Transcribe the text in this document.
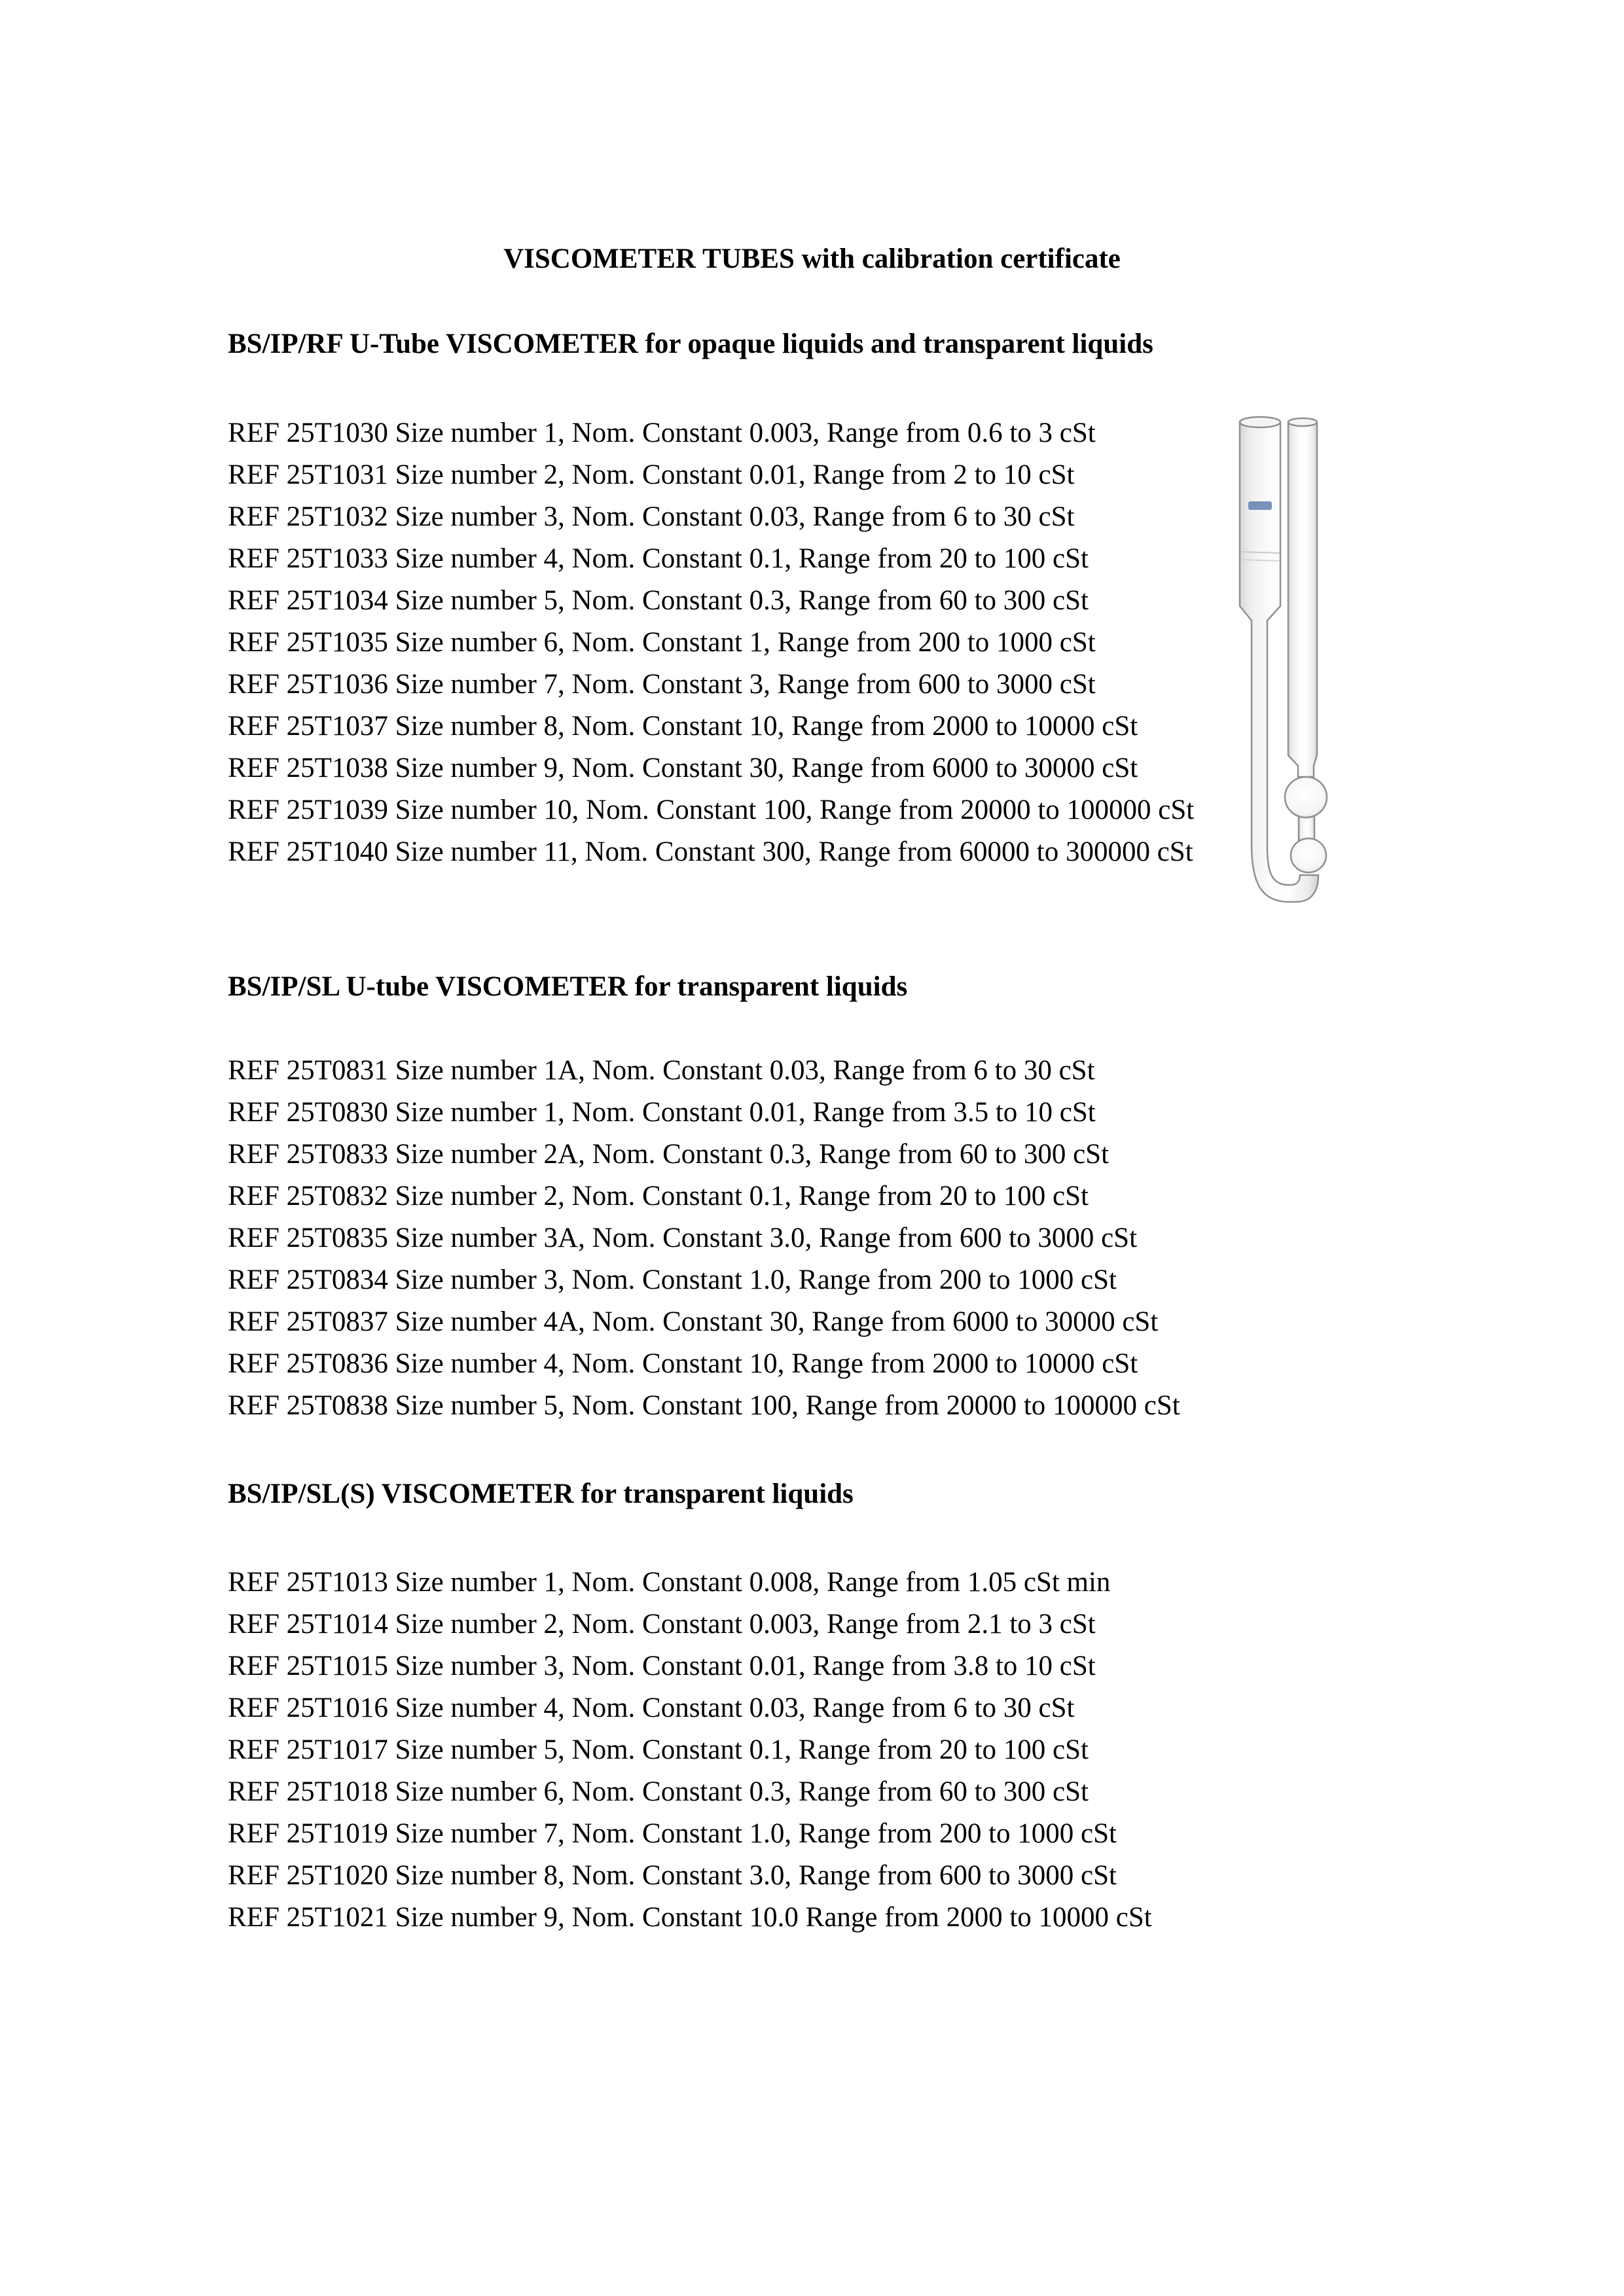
VISCOMETER TUBES with calibration certificate
BS/IP/RF U-Tube VISCOMETER for opaque liquids and transparent liquids
REF 25T1030 Size number 1, Nom. Constant 0.003, Range from 0.6 to 3 cSt
REF 25T1031 Size number 2, Nom. Constant 0.01, Range from 2 to 10 cSt
REF 25T1032 Size number 3, Nom. Constant 0.03, Range from 6 to 30 cSt
REF 25T1033 Size number 4, Nom. Constant 0.1, Range from 20 to 100 cSt
REF 25T1034 Size number 5, Nom. Constant 0.3, Range from 60 to 300 cSt
REF 25T1035 Size number 6, Nom. Constant 1, Range from 200 to 1000 cSt
REF 25T1036 Size number 7, Nom. Constant 3, Range from 600 to 3000 cSt
REF 25T1037 Size number 8, Nom. Constant 10, Range from 2000 to 10000 cSt
REF 25T1038 Size number 9, Nom. Constant 30, Range from 6000 to 30000 cSt
REF 25T1039 Size number 10, Nom. Constant 100, Range from 20000 to 100000 cSt
REF 25T1040 Size number 11, Nom. Constant 300, Range from 60000 to 300000 cSt
BS/IP/SL U-tube VISCOMETER for transparent liquids
REF 25T0831 Size number 1A, Nom. Constant 0.03, Range from 6 to 30 cSt
REF 25T0830 Size number 1, Nom. Constant 0.01, Range from 3.5 to 10 cSt
REF 25T0833 Size number 2A, Nom. Constant 0.3, Range from 60 to 300 cSt
REF 25T0832 Size number 2, Nom. Constant 0.1, Range from 20 to 100 cSt
REF 25T0835 Size number 3A, Nom. Constant 3.0, Range from 600 to 3000 cSt
REF 25T0834 Size number 3, Nom. Constant 1.0, Range from 200 to 1000 cSt
REF 25T0837 Size number 4A, Nom. Constant 30, Range from 6000 to 30000 cSt
REF 25T0836 Size number 4, Nom. Constant 10, Range from 2000 to 10000 cSt
REF 25T0838 Size number 5, Nom. Constant 100, Range from 20000 to 100000 cSt
BS/IP/SL(S) VISCOMETER for transparent liquids
REF 25T1013 Size number 1, Nom. Constant 0.008, Range from 1.05 cSt min
REF 25T1014 Size number 2, Nom. Constant 0.003, Range from 2.1 to 3 cSt
REF 25T1015 Size number 3, Nom. Constant 0.01, Range from 3.8 to 10 cSt
REF 25T1016 Size number 4, Nom. Constant 0.03, Range from 6 to 30 cSt
REF 25T1017 Size number 5, Nom. Constant 0.1, Range from 20 to 100 cSt
REF 25T1018 Size number 6, Nom. Constant 0.3, Range from 60 to 300 cSt
REF 25T1019 Size number 7, Nom. Constant 1.0, Range from 200 to 1000 cSt
REF 25T1020 Size number 8, Nom. Constant 3.0, Range from 600 to 3000 cSt
REF 25T1021 Size number 9, Nom. Constant 10.0 Range from 2000 to 10000 cSt
